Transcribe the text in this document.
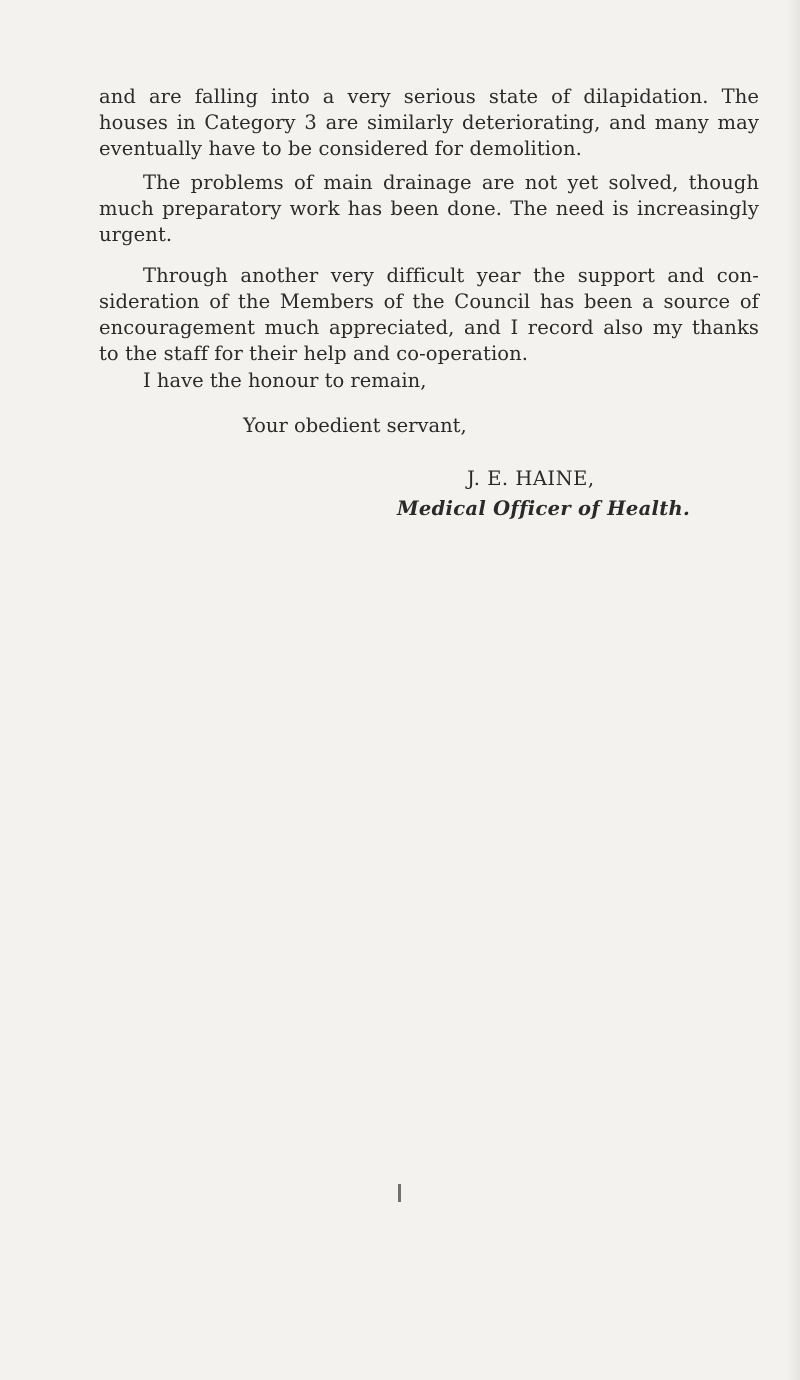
and are falling into a very serious state of dilapidation. The houses in Category 3 are similarly deteriorating, and many may eventually have to be considered for demolition.

The problems of main drainage are not yet solved, though much preparatory work has been done. The need is increasingly urgent.

Through another very difficult year the support and con-sideration of the Members of the Council has been a source of encouragement much appreciated, and I record also my thanks to the staff for their help and co-operation.

I have the honour to remain,
Your obedient servant,
J. E. HAINE,
Medical Officer of Health.
